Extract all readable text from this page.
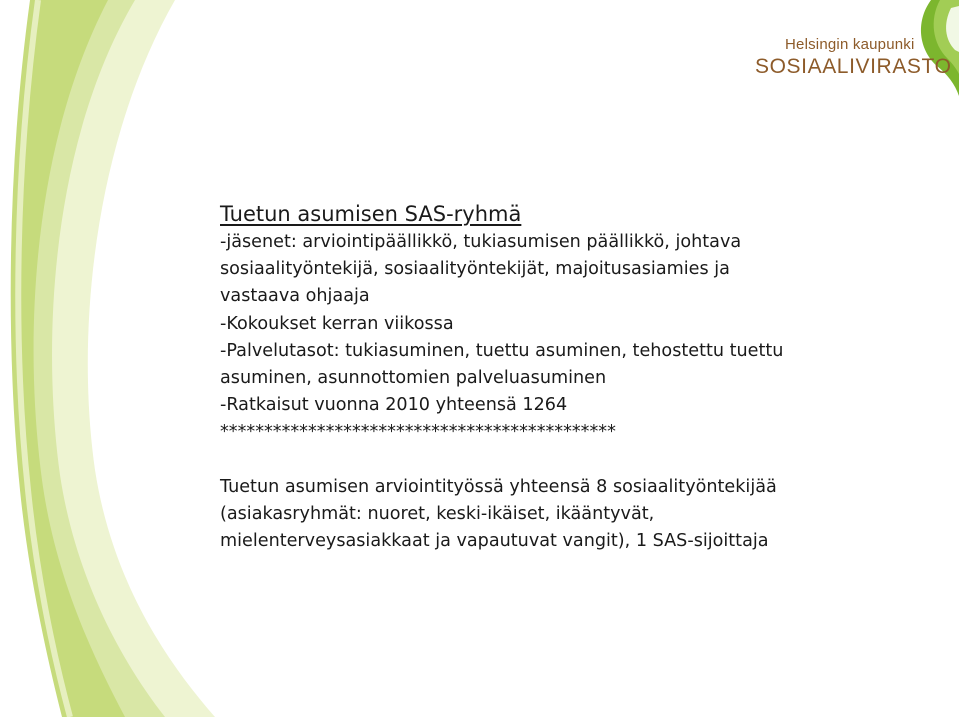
Helsingin kaupunki
SOSIAALIVIRASTO
Tuetun asumisen SAS-ryhmä
-jäsenet: arviointipäällikkö, tukiasumisen päällikkö, johtava
sosiaalityöntekijä, sosiaalityöntekijät, majoitusasiamies ja
vastaava ohjaaja
-Kokoukset kerran viikossa
-Palvelutasot: tukiasuminen, tuettu asuminen, tehostettu tuettu
asuminen, asunnottomien palveluasuminen
-Ratkaisut vuonna 2010 yhteensä 1264
*********************************************
Tuetun asumisen arviointityössä yhteensä 8 sosiaalityöntekijää
(asiakasryhmät: nuoret, keski-ikäiset, ikääntyvät,
mielenterveysasiakkaat ja vapautuvat vangit), 1 SAS-sijoittaja
